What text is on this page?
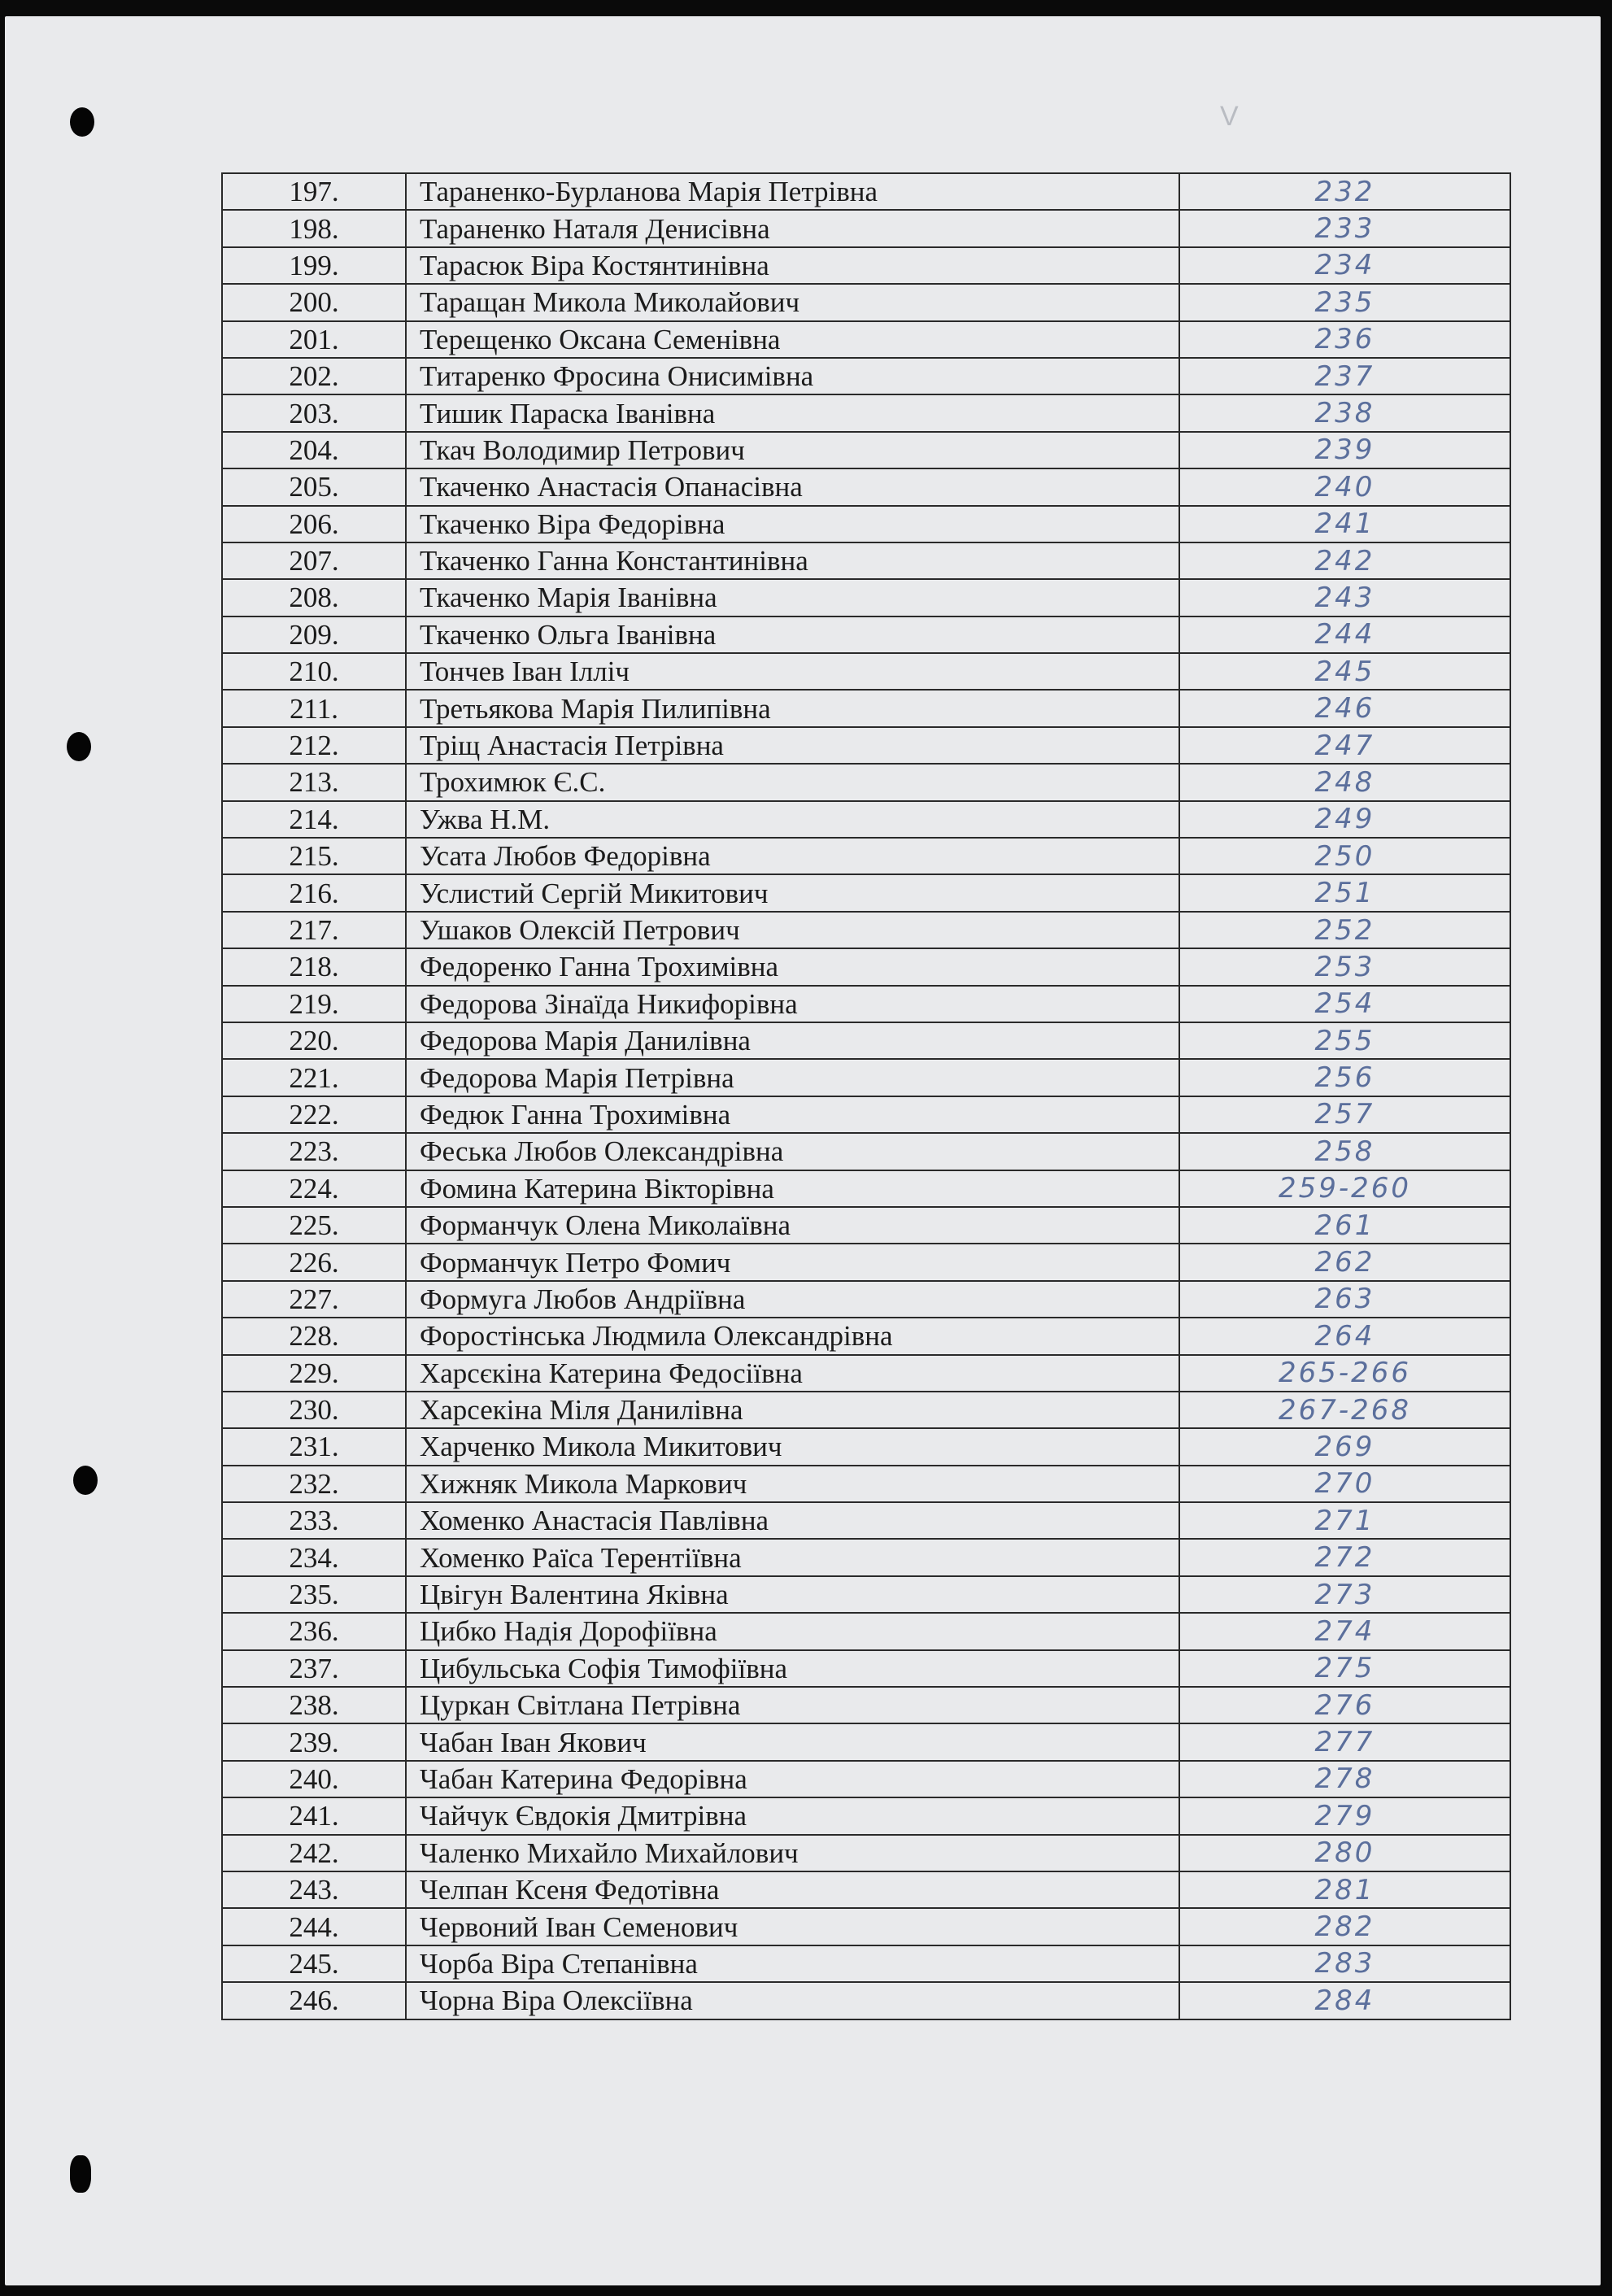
V
197.	Тараненко-Бурланова Марія Петрівна	232
198.	Тараненко Наталя Денисівна	233
199.	Тарасюк Віра Костянтинівна	234
200.	Таращан Микола Миколайович	235
201.	Терещенко Оксана Семенівна	236
202.	Титаренко Фросина Онисимівна	237
203.	Тишик Параска Іванівна	238
204.	Ткач Володимир Петрович	239
205.	Ткаченко Анастасія Опанасівна	240
206.	Ткаченко Віра Федорівна	241
207.	Ткаченко Ганна Константинівна	242
208.	Ткаченко Марія Іванівна	243
209.	Ткаченко Ольга Іванівна	244
210.	Тончев Іван Ілліч	245
211.	Третьякова Марія Пилипівна	246
212.	Тріщ Анастасія Петрівна	247
213.	Трохимюк Є.С.	248
214.	Ужва Н.М.	249
215.	Усата Любов Федорівна	250
216.	Услистий Сергій Микитович	251
217.	Ушаков Олексій Петрович	252
218.	Федоренко Ганна Трохимівна	253
219.	Федорова Зінаїда Никифорівна	254
220.	Федорова Марія Данилівна	255
221.	Федорова Марія Петрівна	256
222.	Федюк Ганна Трохимівна	257
223.	Феська Любов Олександрівна	258
224.	Фомина Катерина Вікторівна	259-260
225.	Форманчук Олена Миколаївна	261
226.	Форманчук Петро Фомич	262
227.	Формуга Любов Андріївна	263
228.	Форостінська Людмила Олександрівна	264
229.	Харсєкіна Катерина Федосіївна	265-266
230.	Харсекіна Міля Данилівна	267-268
231.	Харченко Микола Микитович	269
232.	Хижняк Микола Маркович	270
233.	Хоменко Анастасія Павлівна	271
234.	Хоменко Раїса Терентіївна	272
235.	Цвігун Валентина Яківна	273
236.	Цибко Надія Дорофіївна	274
237.	Цибульська Софія Тимофіївна	275
238.	Цуркан Світлана Петрівна	276
239.	Чабан Іван Якович	277
240.	Чабан Катерина Федорівна	278
241.	Чайчук Євдокія Дмитрівна	279
242.	Чаленко Михайло Михайлович	280
243.	Челпан Ксеня Федотівна	281
244.	Червоний Іван Семенович	282
245.	Чорба Віра Степанівна	283
246.	Чорна Віра Олексіївна	284
